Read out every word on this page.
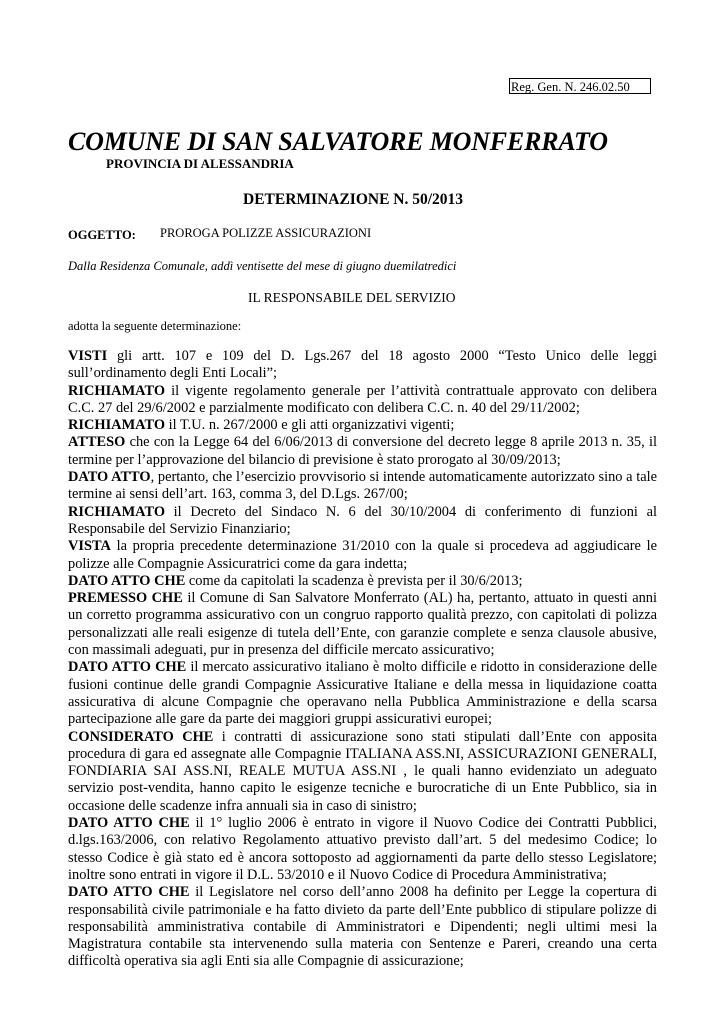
Reg. Gen. N. 246.02.50
COMUNE DI SAN SALVATORE MONFERRATO
PROVINCIA DI ALESSANDRIA
DETERMINAZIONE N. 50/2013
OGGETTO: PROROGA POLIZZE ASSICURAZIONI
Dalla Residenza Comunale, addì ventisette del mese di giugno duemilatredici
IL RESPONSABILE DEL SERVIZIO
adotta la seguente determinazione:

VISTI gli artt. 107 e 109 del D. Lgs.267 del 18 agosto 2000 “Testo Unico delle leggi sull’ordinamento degli Enti Locali”;

RICHIAMATO il vigente regolamento generale per l’attività contrattuale approvato con delibera C.C. 27 del 29/6/2002 e parzialmente modificato con delibera C.C. n. 40 del 29/11/2002;

RICHIAMATO il T.U. n. 267/2000 e gli atti organizzativi vigenti;

ATTESO che con la Legge 64 del 6/06/2013 di conversione del decreto legge 8 aprile 2013 n. 35, il termine per l’approvazione del bilancio di previsione è stato prorogato al 30/09/2013;

DATO ATTO, pertanto, che l’esercizio provvisorio si intende automaticamente autorizzato sino a tale termine ai sensi dell’art. 163, comma 3, del D.Lgs. 267/00;

RICHIAMATO il Decreto del Sindaco N. 6 del 30/10/2004 di conferimento di funzioni al Responsabile del Servizio Finanziario;

VISTA la propria precedente determinazione 31/2010 con la quale si procedeva ad aggiudicare le polizze alle Compagnie Assicuratrici come da gara indetta;

DATO ATTO CHE come da capitolati la scadenza è prevista per il 30/6/2013;

PREMESSO CHE il Comune di San Salvatore Monferrato (AL) ha, pertanto, attuato in questi anni un corretto programma assicurativo con un congruo rapporto qualità prezzo, con capitolati di polizza personalizzati alle reali esigenze di tutela dell’Ente, con garanzie complete e senza clausole abusive, con massimali adeguati, pur in presenza del difficile mercato assicurativo;

DATO ATTO CHE il mercato assicurativo italiano è molto difficile e ridotto in considerazione delle fusioni continue delle grandi Compagnie Assicurative Italiane e della messa in liquidazione coatta assicurativa di alcune Compagnie che operavano nella Pubblica Amministrazione e della scarsa partecipazione alle gare da parte dei maggiori gruppi assicurativi europei;

CONSIDERATO CHE i contratti di assicurazione sono stati stipulati dall’Ente con apposita procedura di gara ed assegnate alle Compagnie ITALIANA ASS.NI, ASSICURAZIONI GENERALI, FONDIARIA SAI ASS.NI, REALE MUTUA ASS.NI , le quali hanno evidenziato un adeguato servizio post-vendita, hanno capito le esigenze tecniche e burocratiche di un Ente Pubblico, sia in occasione delle scadenze infra annuali sia in caso di sinistro;

DATO ATTO CHE il 1° luglio 2006 è entrato in vigore il Nuovo Codice dei Contratti Pubblici, d.lgs.163/2006, con relativo Regolamento attuativo previsto dall’art. 5 del medesimo Codice; lo stesso Codice è già stato ed è ancora sottoposto ad aggiornamenti da parte dello stesso Legislatore; inoltre sono entrati in vigore il D.L. 53/2010 e il Nuovo Codice di Procedura Amministrativa;

DATO ATTO CHE il Legislatore nel corso dell’anno 2008 ha definito per Legge la copertura di responsabilità civile patrimoniale e ha fatto divieto da parte dell’Ente pubblico di stipulare polizze di responsabilità amministrativa contabile di Amministratori e Dipendenti; negli ultimi mesi la Magistratura contabile sta intervenendo sulla materia con Sentenze e Pareri, creando una certa difficoltà operativa sia agli Enti sia alle Compagnie di assicurazione;
